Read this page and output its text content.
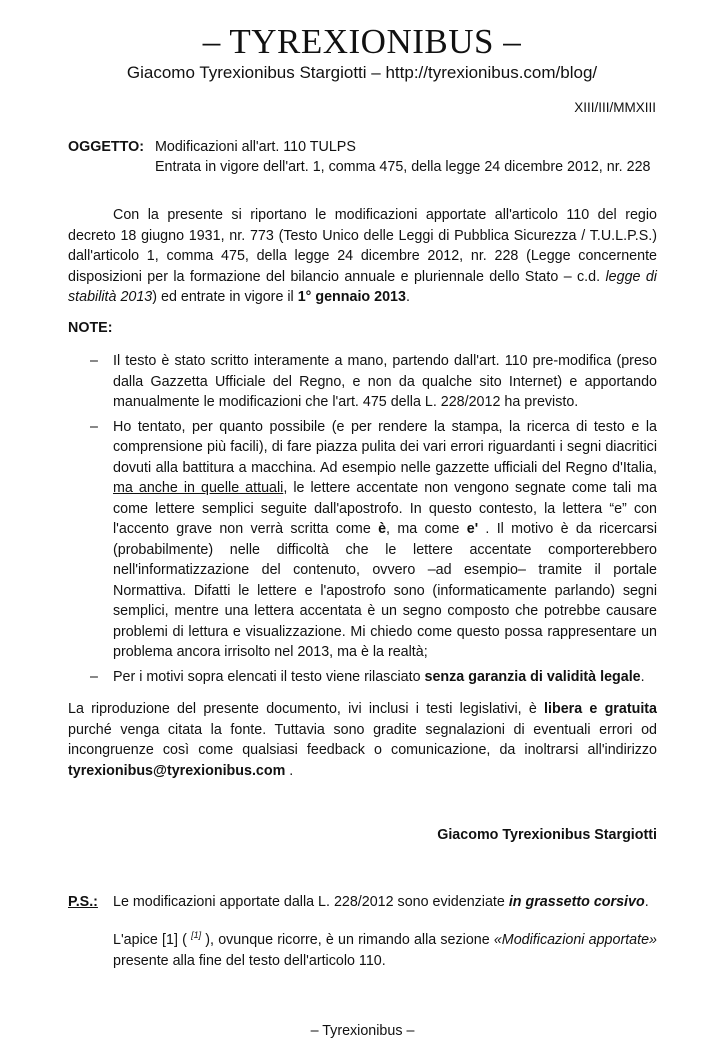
– TYREXIONIBUS –
Giacomo Tyrexionibus Stargiotti – http://tyrexionibus.com/blog/
XIII/III/MMXIII
OGGETTO: Modificazioni all'art. 110 TULPS
Entrata in vigore dell'art. 1, comma 475, della legge 24 dicembre 2012, nr. 228
Con la presente si riportano le modificazioni apportate all'articolo 110 del regio decreto 18 giugno 1931, nr. 773 (Testo Unico delle Leggi di Pubblica Sicurezza / T.U.L.P.S.) dall'articolo 1, comma 475, della legge 24 dicembre 2012, nr. 228 (Legge concernente disposizioni per la formazione del bilancio annuale e pluriennale dello Stato – c.d. legge di stabilità 2013) ed entrate in vigore il 1° gennaio 2013.
NOTE:
– Il testo è stato scritto interamente a mano, partendo dall'art. 110 pre-modifica (preso dalla Gazzetta Ufficiale del Regno, e non da qualche sito Internet) e apportando manualmente le modificazioni che l'art. 475 della L. 228/2012 ha previsto.
– Ho tentato, per quanto possibile (e per rendere la stampa, la ricerca di testo e la comprensione più facili), di fare piazza pulita dei vari errori riguardanti i segni diacritici dovuti alla battitura a macchina. Ad esempio nelle gazzette ufficiali del Regno d'Italia, ma anche in quelle attuali, le lettere accentate non vengono segnate come tali ma come lettere semplici seguite dall'apostrofo. In questo contesto, la lettera “e” con l'accento grave non verrà scritta come è, ma come e' . Il motivo è da ricercarsi (probabilmente) nelle difficoltà che le lettere accentate comporterebbero nell'informatizzazione del contenuto, ovvero –ad esempio– tramite il portale Normattiva. Difatti le lettere e l'apostrofo sono (informaticamente parlando) segni semplici, mentre una lettera accentata è un segno composto che potrebbe causare problemi di lettura e visualizzazione. Mi chiedo come questo possa rappresentare un problema ancora irrisolto nel 2013, ma è la realtà;
– Per i motivi sopra elencati il testo viene rilasciato senza garanzia di validità legale.
La riproduzione del presente documento, ivi inclusi i testi legislativi, è libera e gratuita purché venga citata la fonte. Tuttavia sono gradite segnalazioni di eventuali errori od incongruenze così come qualsiasi feedback o comunicazione, da inoltrarsi all'indirizzo tyrexionibus@tyrexionibus.com .
Giacomo Tyrexionibus Stargiotti
P.S.:	Le modificazioni apportate dalla L. 228/2012 sono evidenziate in grassetto corsivo.
L'apice [1] ( [1] ), ovunque ricorre, è un rimando alla sezione «Modificazioni apportate» presente alla fine del testo dell'articolo 110.
– Tyrexionibus –
